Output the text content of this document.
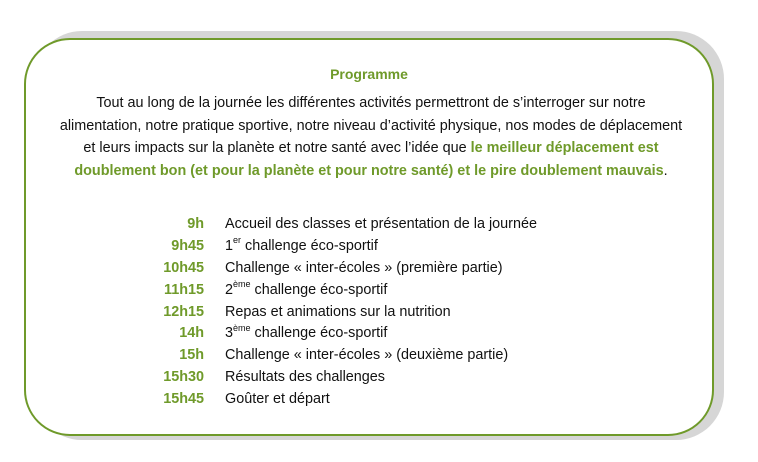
Programme
Tout au long de la journée les différentes activités permettront de s’interroger sur notre alimentation, notre pratique sportive, notre niveau d’activité physique, nos modes de déplacement et leurs impacts sur la planète et notre santé avec l’idée que le meilleur déplacement est doublement bon (et pour la planète et pour notre santé) et le pire doublement mauvais.
9h Accueil des classes et présentation de la journée
9h45 1er challenge éco-sportif
10h45 Challenge « inter-écoles » (première partie)
11h15 2ème challenge éco-sportif
12h15 Repas et animations sur la nutrition
14h 3ème challenge éco-sportif
15h Challenge « inter-écoles » (deuxième partie)
15h30 Résultats des challenges
15h45 Goûter et départ
